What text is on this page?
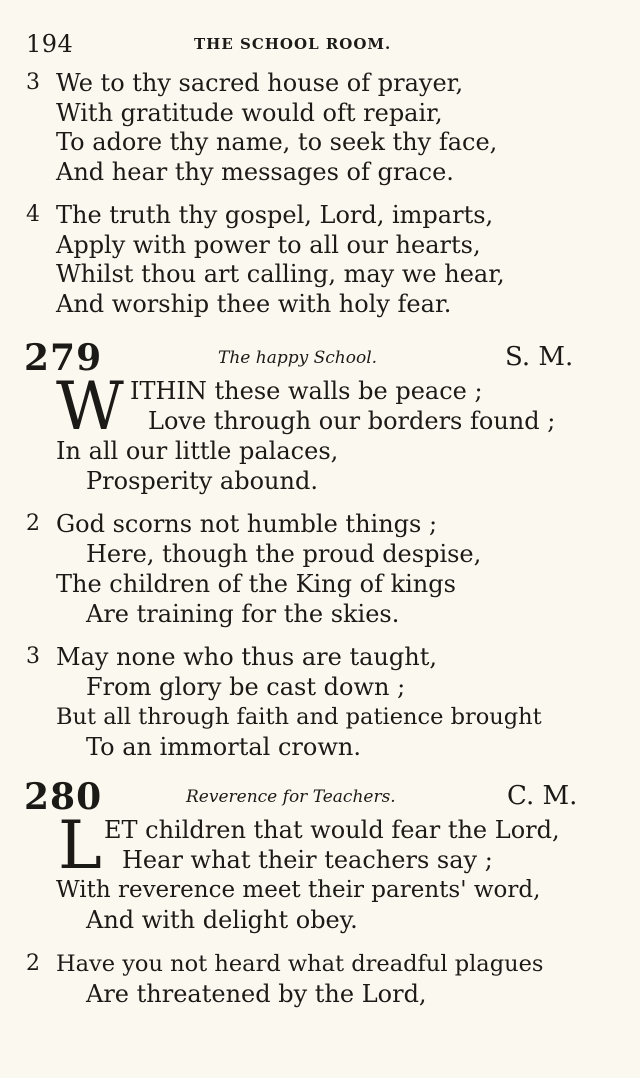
194	THE SCHOOL ROOM.
3 We to thy sacred house of prayer,
With gratitude would oft repair,
To adore thy name, to seek thy face,
And hear thy messages of grace.
4 The truth thy gospel, Lord, imparts,
Apply with power to all our hearts,
Whilst thou art calling, may we hear,
And worship thee with holy fear.
279	The happy School.	S. M.
W ITHIN these walls be peace ;
Love through our borders found ;
In all our little palaces,
Prosperity abound.
2 God scorns not humble things ;
Here, though the proud despise,
The children of the King of kings
Are training for the skies.
3 May none who thus are taught,
From glory be cast down ;
But all through faith and patience brought
To an immortal crown.
280	Reverence for Teachers.	C. M.
L ET children that would fear the Lord,
Hear what their teachers say ;
With reverence meet their parents' word,
And with delight obey.
2 Have you not heard what dreadful plagues
Are threatened by the Lord,
